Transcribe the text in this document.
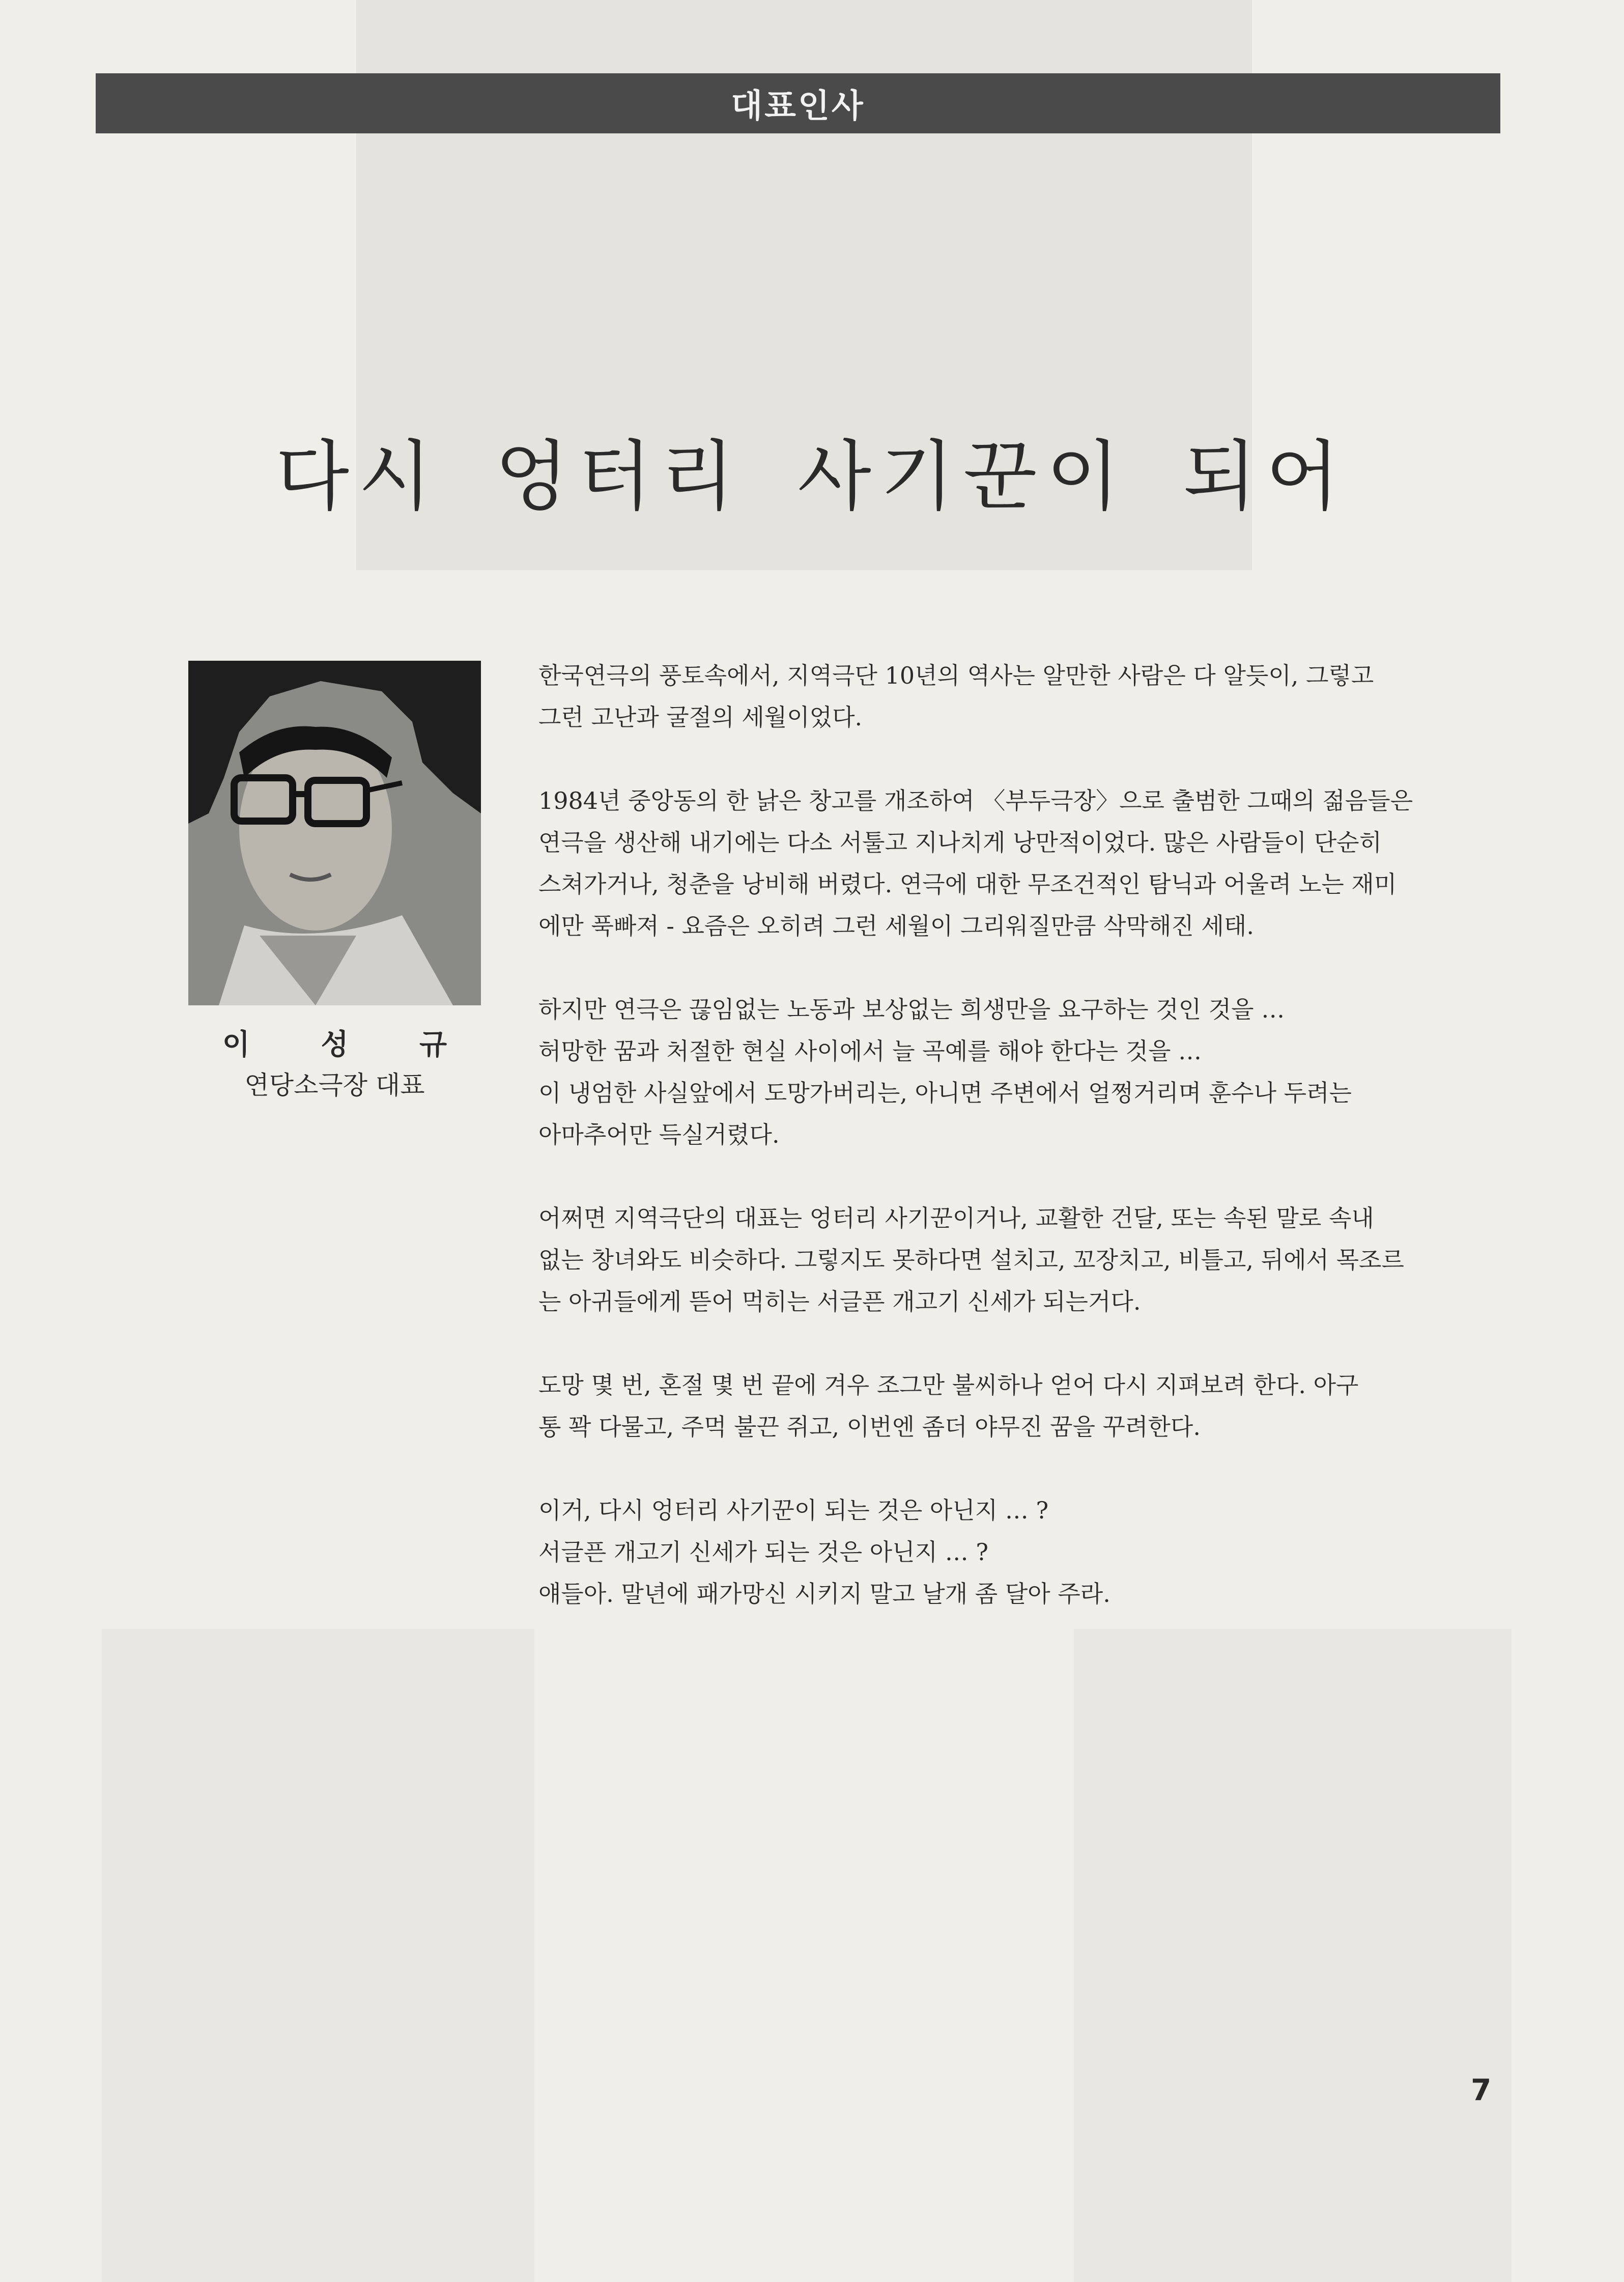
대표인사
다시 엉터리 사기꾼이 되어
이 성 규
연당소극장 대표

한국연극의 풍토속에서, 지역극단 10년의 역사는 알만한 사람은 다 알듯이, 그렇고
그런 고난과 굴절의 세월이었다.

1984년 중앙동의 한 낡은 창고를 개조하여 〈부두극장〉으로 출범한 그때의 젊음들은
연극을 생산해 내기에는 다소 서툴고 지나치게 낭만적이었다. 많은 사람들이 단순히
스쳐가거나, 청춘을 낭비해 버렸다. 연극에 대한 무조건적인 탐닉과 어울려 노는 재미
에만 푹빠져 - 요즘은 오히려 그런 세월이 그리워질만큼 삭막해진 세태.

하지만 연극은 끊임없는 노동과 보상없는 희생만을 요구하는 것인 것을 …
허망한 꿈과 처절한 현실 사이에서 늘 곡예를 해야 한다는 것을 …
이 냉엄한 사실앞에서 도망가버리는, 아니면 주변에서 얼쩡거리며 훈수나 두려는
아마추어만 득실거렸다.

어쩌면 지역극단의 대표는 엉터리 사기꾼이거나, 교활한 건달, 또는 속된 말로 속내
없는 창녀와도 비슷하다. 그렇지도 못하다면 설치고, 꼬장치고, 비틀고, 뒤에서 목조르
는 아귀들에게 뜯어 먹히는 서글픈 개고기 신세가 되는거다.

도망 몇 번, 혼절 몇 번 끝에 겨우 조그만 불씨하나 얻어 다시 지펴보려 한다. 아구
통 꽉 다물고, 주먹 불끈 쥐고, 이번엔 좀더 야무진 꿈을 꾸려한다.

이거, 다시 엉터리 사기꾼이 되는 것은 아닌지 … ?
서글픈 개고기 신세가 되는 것은 아닌지 … ?
얘들아. 말년에 패가망신 시키지 말고 날개 좀 달아 주라.

7
